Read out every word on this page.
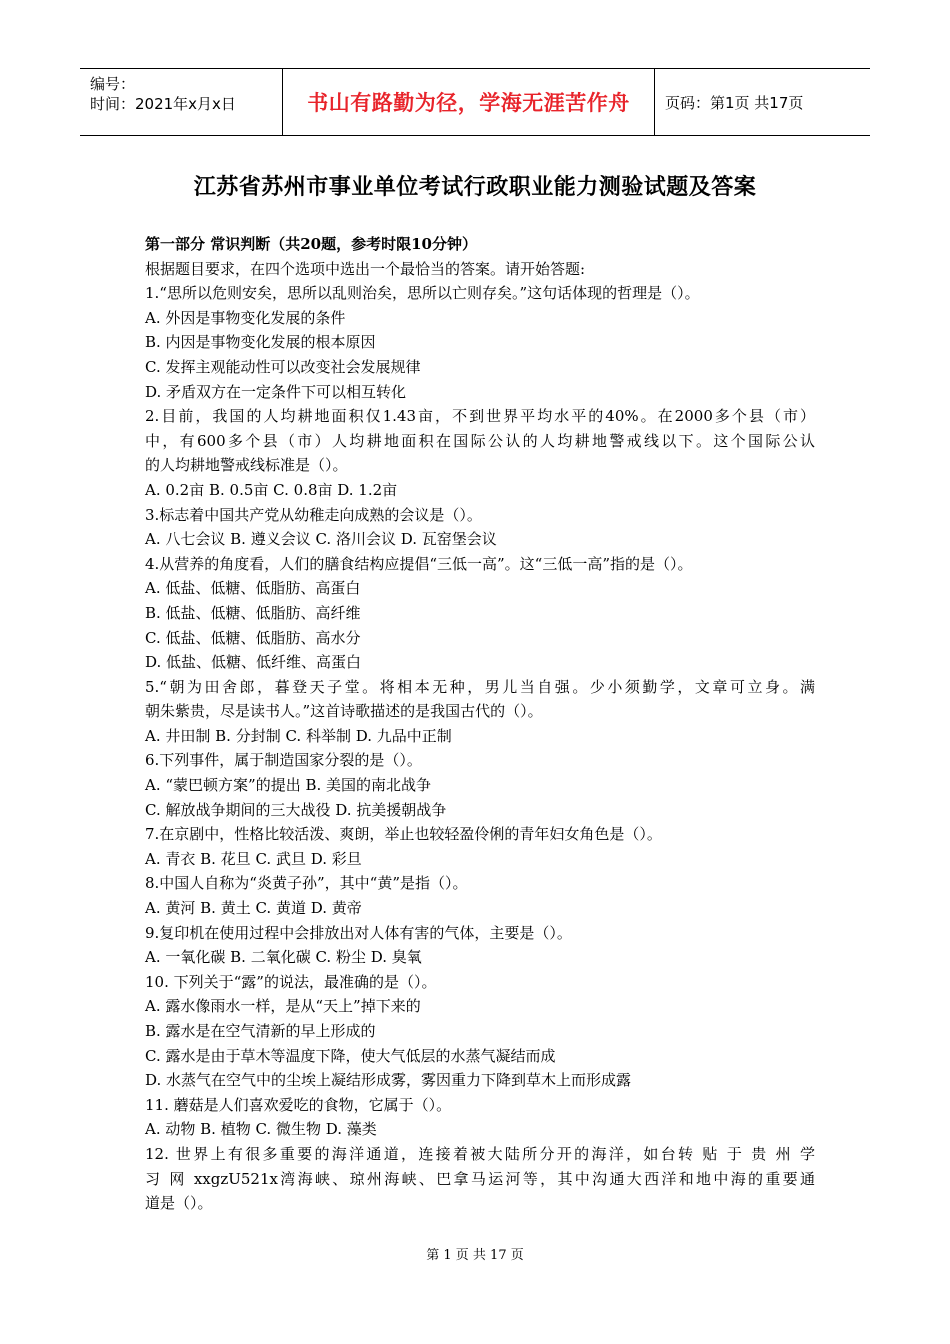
编号：
时间：2021年x月x日	书山有路勤为径，学海无涯苦作舟 页码：第1页 共17页
江苏省苏州市事业单位考试行政职业能力测验试题及答案
第一部分 常识判断（共20题，参考时限10分钟）
根据题目要求，在四个选项中选出一个最恰当的答案。请开始答题:
1.“思所以危则安矣，思所以乱则治矣，思所以亡则存矣。”这句话体现的哲理是（）。
A. 外因是事物变化发展的条件
B. 内因是事物变化发展的根本原因
C. 发挥主观能动性可以改变社会发展规律
D. 矛盾双方在一定条件下可以相互转化
2.目前，我国的人均耕地面积仅1.43亩，不到世界平均水平的40%。在2000多个县（市）
中，有600多个县（市）人均耕地面积在国际公认的人均耕地警戒线以下。这个国际公认
的人均耕地警戒线标准是（）。
A. 0.2亩 B. 0.5亩 C. 0.8亩 D. 1.2亩
3.标志着中国共产党从幼稚走向成熟的会议是（）。
A. 八七会议 B. 遵义会议 C. 洛川会议 D. 瓦窑堡会议
4.从营养的角度看，人们的膳食结构应提倡“三低一高”。这“三低一高”指的是（）。
A. 低盐、低糖、低脂肪、高蛋白
B. 低盐、低糖、低脂肪、高纤维
C. 低盐、低糖、低脂肪、高水分
D. 低盐、低糖、低纤维、高蛋白
5.“朝为田舍郎，暮登天子堂。将相本无种，男儿当自强。少小须勤学，文章可立身。满
朝朱紫贵，尽是读书人。”这首诗歌描述的是我国古代的（）。
A. 井田制 B. 分封制 C. 科举制 D. 九品中正制
6.下列事件，属于制造国家分裂的是（）。
A. “蒙巴顿方案”的提出 B. 美国的南北战争
C. 解放战争期间的三大战役 D. 抗美援朝战争
7.在京剧中，性格比较活泼、爽朗，举止也较轻盈伶俐的青年妇女角色是（）。
A. 青衣 B. 花旦 C. 武旦 D. 彩旦
8.中国人自称为“炎黄子孙”，其中“黄”是指（）。
A. 黄河 B. 黄土 C. 黄道 D. 黄帝
9.复印机在使用过程中会排放出对人体有害的气体，主要是（）。
A. 一氧化碳 B. 二氧化碳 C. 粉尘 D. 臭氧
10. 下列关于“露”的说法，最准确的是（）。
A. 露水像雨水一样，是从“天上”掉下来的
B. 露水是在空气清新的早上形成的
C. 露水是由于草木等温度下降，使大气低层的水蒸气凝结而成
D. 水蒸气在空气中的尘埃上凝结形成雾，雾因重力下降到草木上而形成露
11. 蘑菇是人们喜欢爱吃的食物，它属于（）。
A. 动物 B. 植物 C. 微生物 D. 藻类
12. 世界上有很多重要的海洋通道，连接着被大陆所分开的海洋，如台转 贴 于 贵 州 学
习 网 xxgzU521x湾海峡、琼州海峡、巴拿马运河等，其中沟通大西洋和地中海的重要通
道是（）。
第 1 页 共 17 页
